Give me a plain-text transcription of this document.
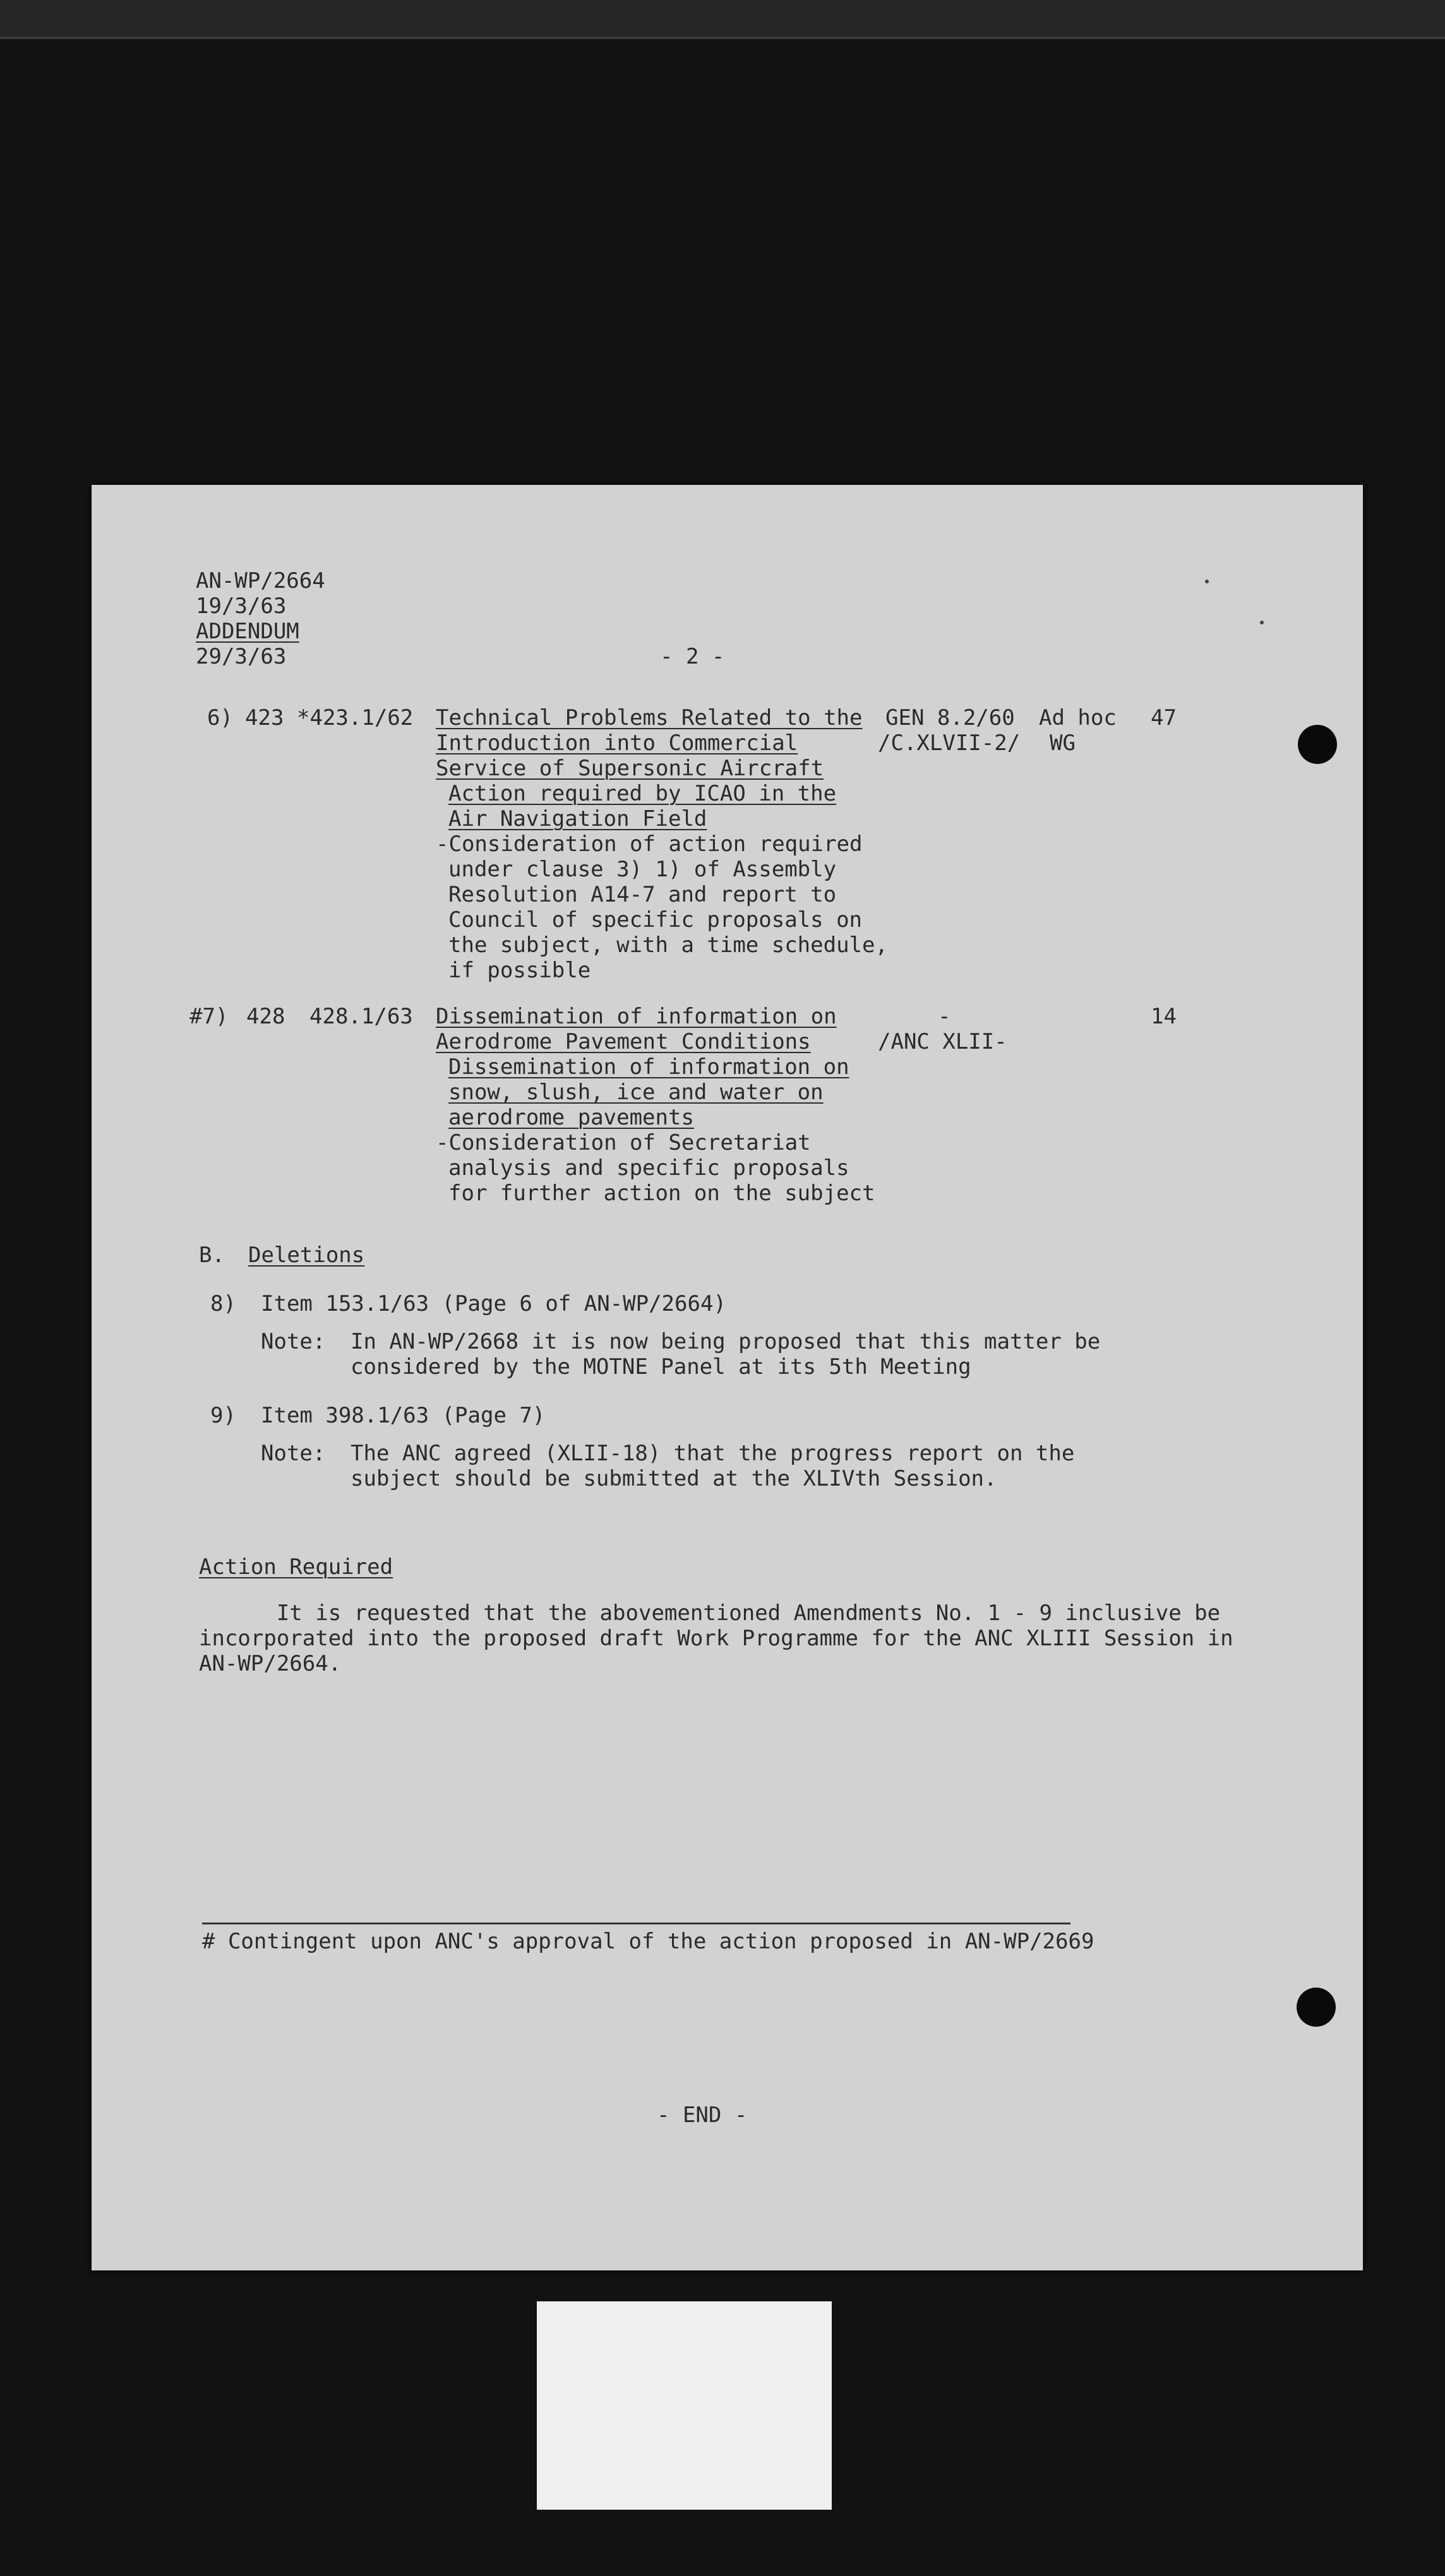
AN-WP/2664
19/3/63
ADDENDUM
29/3/63	- 2 -
6) 423 *423.1/62 Technical Problems Related to the
Introduction into Commercial
Service of Supersonic Aircraft
Action required by ICAO in the
Air Navigation Field
-Consideration of action required
under clause 3) 1) of Assembly
Resolution A14-7 and report to
Council of specific proposals on
the subject, with a time schedule,
if possible
GEN 8.2/60
/C.XLVII-2/
Ad hoc
WG
47
#7) 428 428.1/63 Dissemination of information on
Aerodrome Pavement Conditions
Dissemination of information on
snow, slush, ice and water on
aerodrome pavements
-Consideration of Secretariat
analysis and specific proposals
for further action on the subject
-
/ANC XLII-
14
B. Deletions
8) Item 153.1/63 (Page 6 of AN-WP/2664)
Note: In AN-WP/2668 it is now being proposed that this matter be
considered by the MOTNE Panel at its 5th Meeting
9) Item 398.1/63 (Page 7)
Note: The ANC agreed (XLII-18) that the progress report on the
subject should be submitted at the XLIVth Session.
Action Required
It is requested that the abovementioned Amendments No. 1 - 9 inclusive be
incorporated into the proposed draft Work Programme for the ANC XLIII Session in
AN-WP/2664.
# Contingent upon ANC's approval of the action proposed in AN-WP/2669
- END -
